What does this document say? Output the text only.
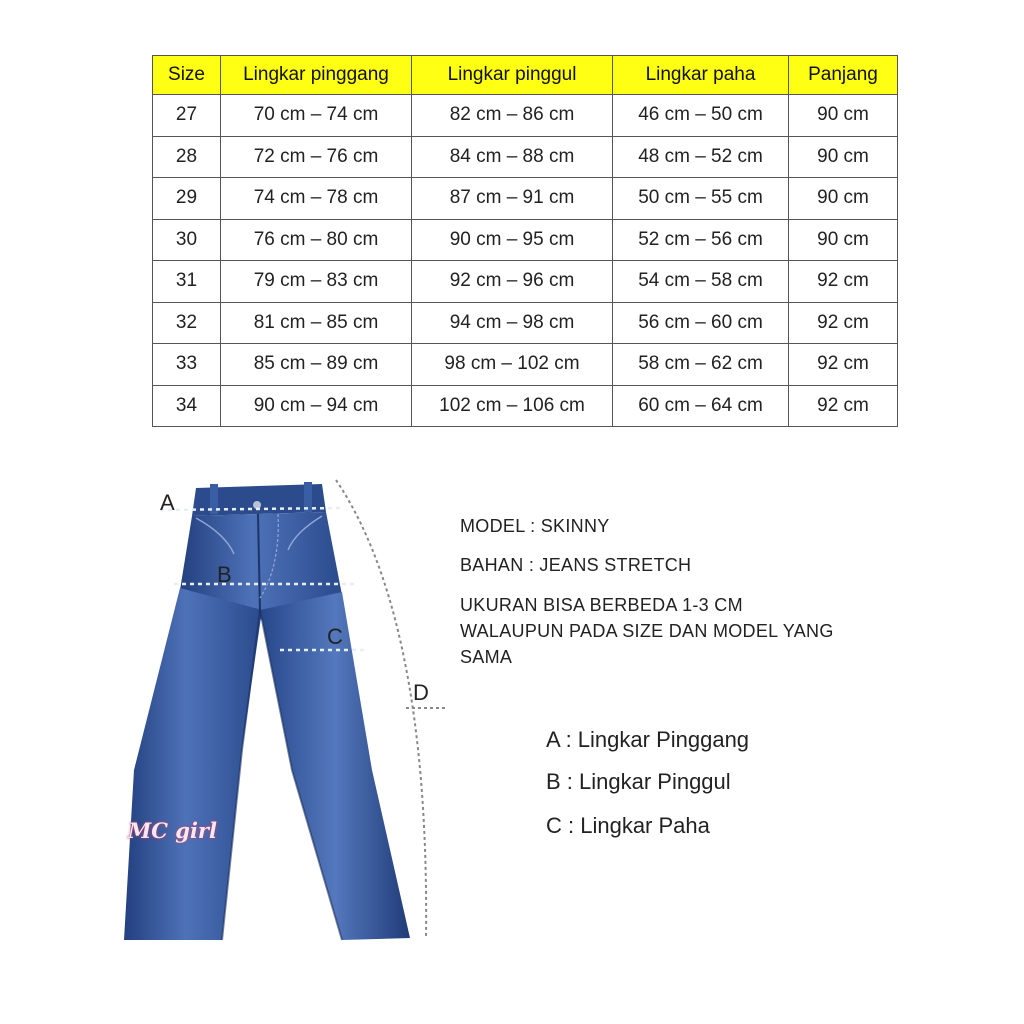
Size	Lingkar pinggang	Lingkar pinggul	Lingkar paha	Panjang
27	70 cm – 74 cm	82 cm – 86 cm	46 cm – 50 cm	90 cm
28	72 cm – 76 cm	84 cm – 88 cm	48 cm – 52 cm	90 cm
29	74 cm – 78 cm	87 cm – 91 cm	50 cm – 55 cm	90 cm
30	76 cm – 80 cm	90 cm – 95 cm	52 cm – 56 cm	90 cm
31	79 cm – 83 cm	92 cm – 96 cm	54 cm – 58 cm	92 cm
32	81 cm – 85 cm	94 cm – 98 cm	56 cm – 60 cm	92 cm
33	85 cm – 89 cm	98 cm – 102 cm	58 cm – 62 cm	92 cm
34	90 cm – 94 cm	102 cm – 106 cm	60 cm – 64 cm	92 cm
A
B
C
D
MC girl
MODEL : SKINNY
BAHAN : JEANS STRETCH
UKURAN BISA BERBEDA 1-3 CM
WALAUPUN PADA SIZE DAN MODEL YANG
SAMA
A : Lingkar Pinggang
B : Lingkar Pinggul
C : Lingkar Paha
